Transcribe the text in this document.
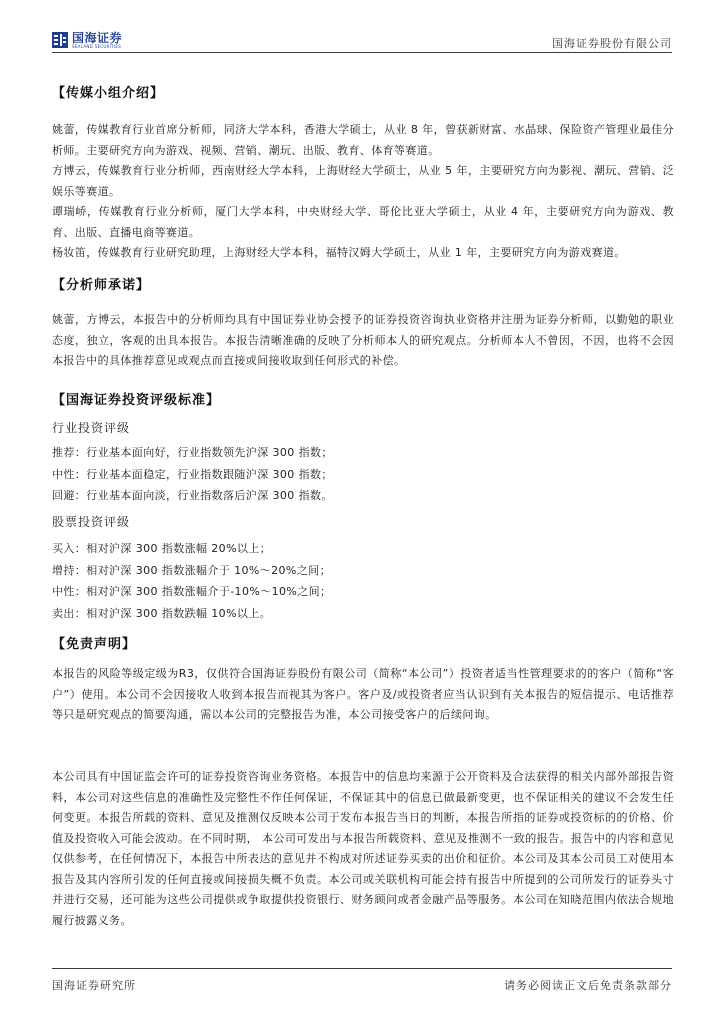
国海证券
SEALAND SECURITIES	国海证券股份有限公司
【传媒小组介绍】

姚蕾，传媒教育行业首席分析师，同济大学本科，香港大学硕士，从业 8 年，曾获新财富、水晶球、保险资产管理业最佳分析师。主要研究方向为游戏、视频、营销、潮玩、出版、教育、体育等赛道。

方博云，传媒教育行业分析师，西南财经大学本科，上海财经大学硕士，从业 5 年，主要研究方向为影视、潮玩、营销、泛娱乐等赛道。

谭瑞峤，传媒教育行业分析师，厦门大学本科，中央财经大学、哥伦比亚大学硕士，从业 4 年，主要研究方向为游戏、教育、出版、直播电商等赛道。

杨妆笛，传媒教育行业研究助理，上海财经大学本科，福特汉姆大学硕士，从业 1 年，主要研究方向为游戏赛道。

【分析师承诺】
姚蕾，方博云，本报告中的分析师均具有中国证券业协会授予的证券投资咨询执业资格并注册为证券分析师，以勤勉的职业态度，独立，客观的出具本报告。本报告清晰准确的反映了分析师本人的研究观点。分析师本人不曾因，不因，也将不会因本报告中的具体推荐意见或观点而直接或间接收取到任何形式的补偿。
【国海证券投资评级标准】
行业投资评级
推荐：行业基本面向好，行业指数领先沪深 300 指数；
中性：行业基本面稳定，行业指数跟随沪深 300 指数；
回避：行业基本面向淡，行业指数落后沪深 300 指数。
股票投资评级
买入：相对沪深 300 指数涨幅 20%以上；
增持：相对沪深 300 指数涨幅介于 10%～20%之间；
中性：相对沪深 300 指数涨幅介于-10%～10%之间；
卖出：相对沪深 300 指数跌幅 10%以上。
【免责声明】
本报告的风险等级定级为R3，仅供符合国海证券股份有限公司（简称“本公司”）投资者适当性管理要求的的客户（简称“客户”）使用。本公司不会因接收人收到本报告而视其为客户。客户及/或投资者应当认识到有关本报告的短信提示、电话推荐等只是研究观点的简要沟通，需以本公司的完整报告为准，本公司接受客户的后续问询。
本公司具有中国证监会许可的证券投资咨询业务资格。本报告中的信息均来源于公开资料及合法获得的相关内部外部报告资料，本公司对这些信息的准确性及完整性不作任何保证，不保证其中的信息已做最新变更，也不保证相关的建议不会发生任何变更。本报告所载的资料、意见及推测仅反映本公司于发布本报告当日的判断，本报告所指的证券或投资标的的价格、价值及投资收入可能会波动。在不同时期， 本公司可发出与本报告所载资料、意见及推测不一致的报告。报告中的内容和意见仅供参考，在任何情况下，本报告中所表达的意见并不构成对所述证券买卖的出价和征价。本公司及其本公司员工对使用本报告及其内容所引发的任何直接或间接损失概不负责。本公司或关联机构可能会持有报告中所提到的公司所发行的证券头寸并进行交易，还可能为这些公司提供或争取提供投资银行、财务顾问或者金融产品等服务。本公司在知晓范围内依法合规地履行披露义务。
国海证券研究所	请务必阅读正文后免责条款部分
